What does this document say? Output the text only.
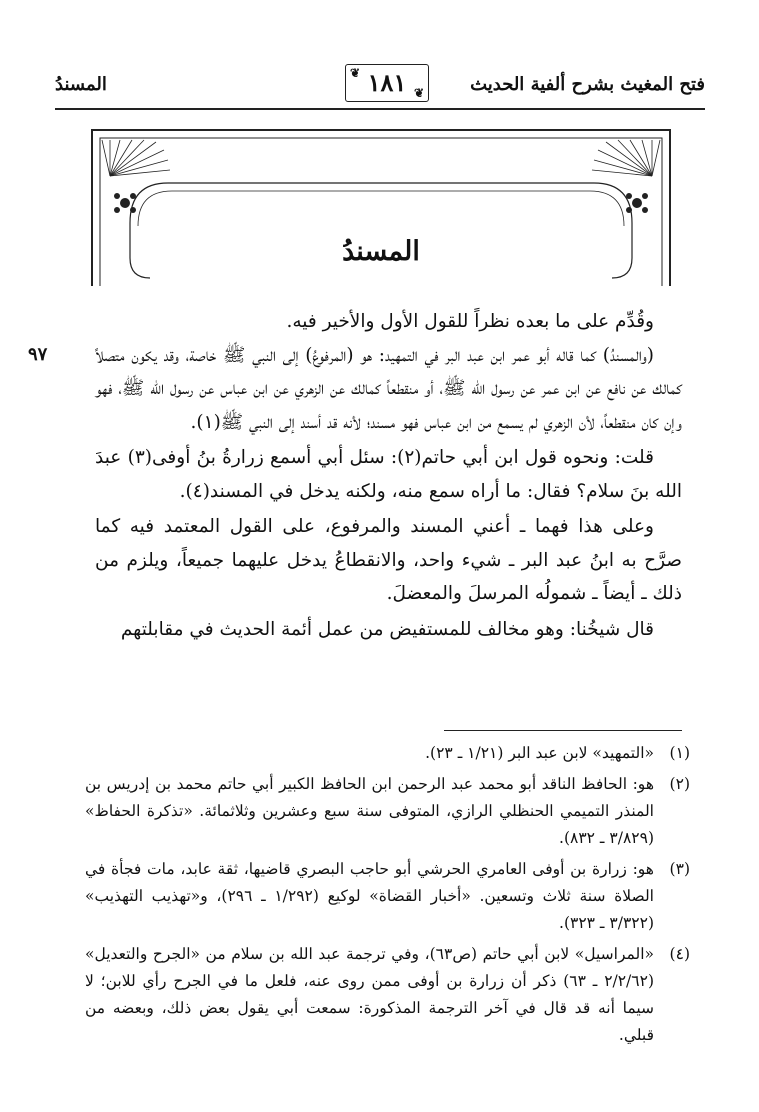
المسندُ
❦ ١٨١ ❦	فتح المغيث بشرح ألفية الحديث
المسندُ
٩٧

وقُدِّم على ما بعده نظراً للقول الأول والأخير فيه.

(والمسندُ) كما قاله أبو عمر ابن عبد البر في التمهيد: هو (المرفوعُ) إلى النبي ﷺ خاصة، وقد يكون متصلاً كمالك عن نافع عن ابن عمر عن رسول الله ﷺ، أو منقطعاً كمالك عن الزهري عن ابن عباس عن رسول الله ﷺ، فهو وإن كان منقطعاً، لأن الزهري لم يسمع من ابن عباس فهو مسند؛ لأنه قد أسند إلى النبي ﷺ(١).

قلت: ونحوه قول ابن أبي حاتم(٢): سئل أبي أسمع زرارةُ بنُ أوفى(٣) عبدَ الله بنَ سلام؟ فقال: ما أراه سمع منه، ولكنه يدخل في المسند(٤).

وعلى هذا فهما ـ أعني المسند والمرفوع، على القول المعتمد فيه كما صرَّح به ابنُ عبد البر ـ شيء واحد، والانقطاعُ يدخل عليهما جميعاً، ويلزم من ذلك ـ أيضاً ـ شمولُه المرسلَ والمعضلَ.

قال شيخُنا: وهو مخالف للمستفيض من عمل أئمة الحديث في مقابلتهم

(١)
«التمهيد» لابن عبد البر (١/٢١ ـ ٢٣).
(٢)
هو: الحافظ الناقد أبو محمد عبد الرحمن ابن الحافظ الكبير أبي حاتم محمد بن إدريس بن المنذر التميمي الحنظلي الرازي، المتوفى سنة سبع وعشرين وثلاثمائة. «تذكرة الحفاظ» (٣/٨٢٩ ـ ٨٣٢).
(٣)
هو: زرارة بن أوفى العامري الحرشي أبو حاجب البصري قاضيها، ثقة عابد، مات فجأة في الصلاة سنة ثلاث وتسعين. «أخبار القضاة» لوكيع (١/٢٩٢ ـ ٢٩٦)، و«تهذيب التهذيب» (٣/٣٢٢ ـ ٣٢٣).
(٤)
«المراسيل» لابن أبي حاتم (ص٦٣)، وفي ترجمة عبد الله بن سلام من «الجرح والتعديل» (٢/٢/٦٢ ـ ٦٣) ذكر أن زرارة بن أوفى ممن روى عنه، فلعل ما في الجرح رأي للابن؛ لا سيما أنه قد قال في آخر الترجمة المذكورة: سمعت أبي يقول بعض ذلك، وبعضه من قبلي.
